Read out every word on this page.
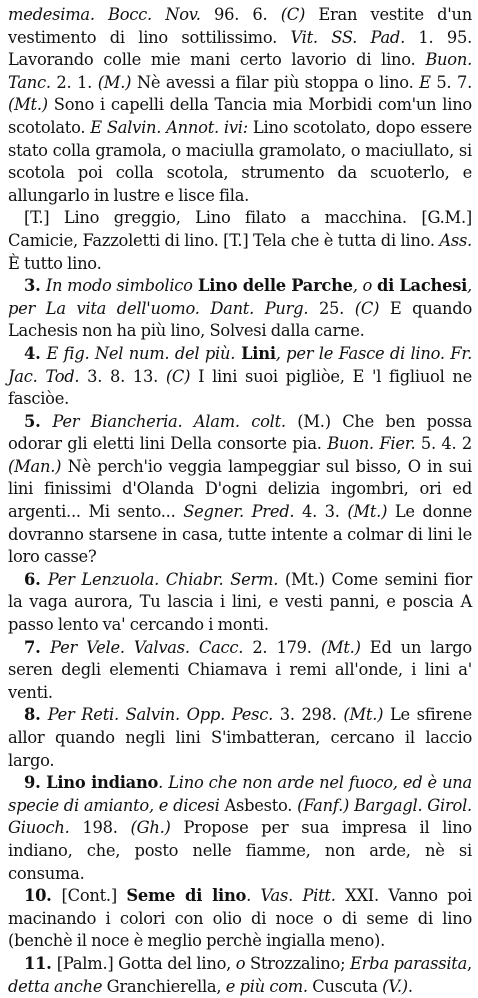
medesima. Bocc. Nov. 96. 6. (C) Eran vestite d'un vestimento di lino sottilissimo. Vit. SS. Pad. 1. 95. Lavorando colle mie mani certo lavorio di lino. Buon. Tanc. 2. 1. (M.) Nè avessi a filar più stoppa o lino. E 5. 7. (Mt.) Sono i capelli della Tancia mia Morbidi com'un lino scotolato. E Salvin. Annot. ivi: Lino scotolato, dopo essere stato colla gramola, o maciulla gramolato, o maciullato, si scotola poi colla scotola, strumento da scuoterlo, e allungarlo in lustre e lisce fila.

[T.] Lino greggio, Lino filato a macchina. [G.M.] Camicie, Fazzoletti di lino. [T.] Tela che è tutta di lino. Ass. È tutto lino.

3. In modo simbolico Lino delle Parche, o di Lachesi, per La vita dell'uomo. Dant. Purg. 25. (C) E quando Lachesis non ha più lino, Solvesi dalla carne.

4. E fig. Nel num. del più. Lini, per le Fasce di lino. Fr. Jac. Tod. 3. 8. 13. (C) I lini suoi pigliòe, E 'l figliuol ne fasciòe.

5. Per Biancheria. Alam. colt. (M.) Che ben possa odorar gli eletti lini Della consorte pia. Buon. Fier. 5. 4. 2 (Man.) Nè perch'io veggia lampeggiar sul bisso, O in sui lini finissimi d'Olanda D'ogni delizia ingombri, ori ed argenti... Mi sento... Segner. Pred. 4. 3. (Mt.) Le donne dovranno starsene in casa, tutte intente a colmar di lini le loro casse?

6. Per Lenzuola. Chiabr. Serm. (Mt.) Come semini fior la vaga aurora, Tu lascia i lini, e vesti panni, e poscia A passo lento va' cercando i monti.

7. Per Vele. Valvas. Cacc. 2. 179. (Mt.) Ed un largo seren degli elementi Chiamava i remi all'onde, i lini a' venti.

8. Per Reti. Salvin. Opp. Pesc. 3. 298. (Mt.) Le sfirene allor quando negli lini S'imbatteran, cercano il laccio largo.

9. Lino indiano. Lino che non arde nel fuoco, ed è una specie di amianto, e dicesi Asbesto. (Fanf.) Bargagl. Girol. Giuoch. 198. (Gh.) Propose per sua impresa il lino indiano, che, posto nelle fiamme, non arde, nè si consuma.

10. [Cont.] Seme di lino. Vas. Pitt. XXI. Vanno poi macinando i colori con olio di noce o di seme di lino (benchè il noce è meglio perchè ingialla meno).

11. [Palm.] Gotta del lino, o Strozzalino; Erba parassita, detta anche Granchierella, e più com. Cuscuta (V.).
